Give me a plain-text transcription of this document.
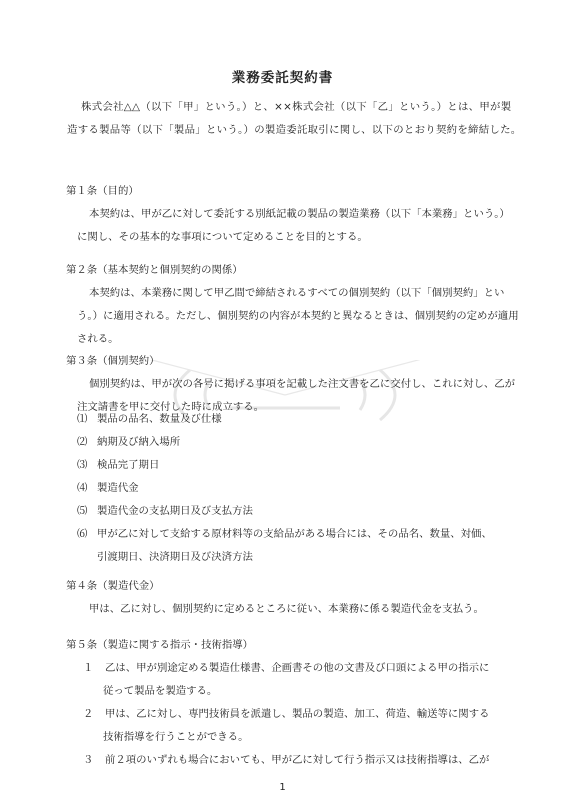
業務委託契約書
株式会社△△（以下「甲」という。）と、××株式会社（以下「乙」という。）とは、甲が製造する製品等（以下「製品」という。）の製造委託取引に関し、以下のとおり契約を締結した。
第１条（目的）
本契約は、甲が乙に対して委託する別紙記載の製品の製造業務（以下「本業務」という。）に関し、その基本的な事項について定めることを目的とする。
第２条（基本契約と個別契約の関係）
本契約は、本業務に関して甲乙間で締結されるすべての個別契約（以下「個別契約」という。）に適用される。ただし、個別契約の内容が本契約と異なるときは、個別契約の定めが適用される。
第３条（個別契約）
個別契約は、甲が次の各号に掲げる事項を記載した注文書を乙に交付し、これに対し、乙が注文請書を甲に交付した時に成立する。
⑴ 製品の品名、数量及び仕様
⑵ 納期及び納入場所
⑶ 検品完了期日
⑷ 製造代金
⑸ 製造代金の支払期日及び支払方法
⑹ 甲が乙に対して支給する原材料等の支給品がある場合には、その品名、数量、対価、
引渡期日、決済期日及び決済方法
第４条（製造代金）
甲は、乙に対し、個別契約に定めるところに従い、本業務に係る製造代金を支払う。
第５条（製造に関する指示・技術指導）
１ 乙は、甲が別途定める製造仕様書、企画書その他の文書及び口頭による甲の指示に
従って製品を製造する。
２ 甲は、乙に対し、専門技術員を派遣し、製品の製造、加工、荷造、輸送等に関する
技術指導を行うことができる。
３ 前２項のいずれも場合においても、甲が乙に対して行う指示又は技術指導は、乙が
1
